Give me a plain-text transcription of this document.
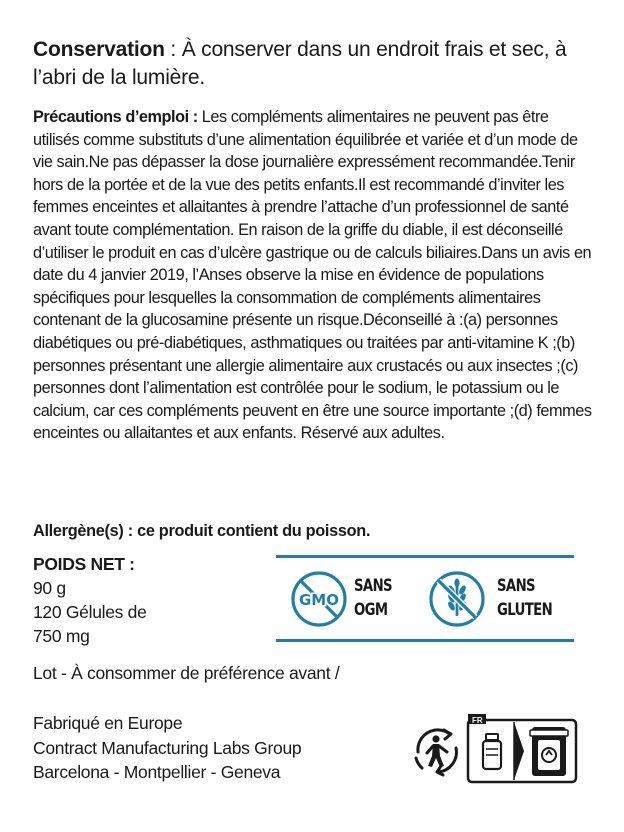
Conservation : À conserver dans un endroit frais et sec, à l’abri de la lumière.
Précautions d’emploi : Les compléments alimentaires ne peuvent pas être utilisés comme substituts d’une alimentation équilibrée et variée et d’un mode de vie sain.Ne pas dépasser la dose journalière expressément recommandée.Tenir hors de la portée et de la vue des petits enfants.Il est recommandé d’inviter les femmes enceintes et allaitantes à prendre l’attache d’un professionnel de santé avant toute complémentation. En raison de la griffe du diable, il est déconseillé d’utiliser le produit en cas d’ulcère gastrique ou de calculs biliaires.Dans un avis en date du 4 janvier 2019, l’Anses observe la mise en évidence de populations spécifiques pour lesquelles la consommation de compléments alimentaires contenant de la glucosamine présente un risque.Déconseillé à :(a) personnes diabétiques ou pré-diabétiques, asthmatiques ou traitées par anti-vitamine K ;(b) personnes présentant une allergie alimentaire aux crustacés ou aux insectes ;(c) personnes dont l’alimentation est contrôlée pour le sodium, le potassium ou le calcium, car ces compléments peuvent en être une source importante ;(d) femmes enceintes ou allaitantes et aux enfants. Réservé aux adultes.
Allergène(s) : ce produit contient du poisson.
POIDS NET :
90 g
120 Gélules de
750 mg
GMO
SANS
OGM
SANS
GLUTEN
Lot - À consommer de préférence avant /
Fabriqué en Europe
Contract Manufacturing Labs Group
Barcelona - Montpellier - Geneva
FR
